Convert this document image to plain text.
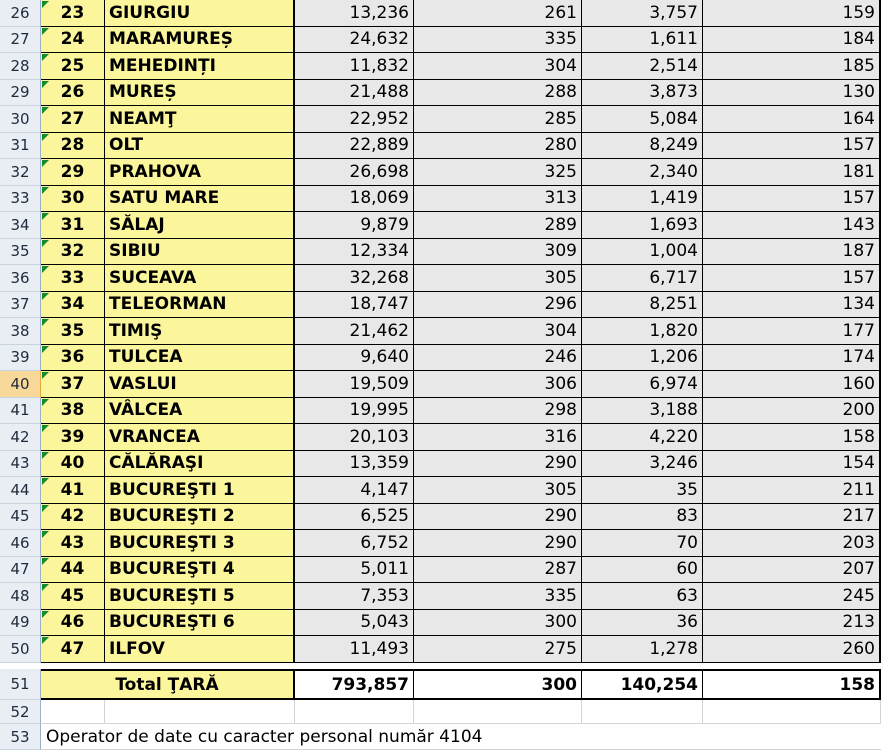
26	23	GIURGIU	13,236	261	3,757	159
27	24	MARAMUREȘ	24,632	335	1,611	184
28	25	MEHEDINȚI	11,832	304	2,514	185
29	26	MUREȘ	21,488	288	3,873	130
30	27	NEAMŢ	22,952	285	5,084	164
31	28	OLT	22,889	280	8,249	157
32	29	PRAHOVA	26,698	325	2,340	181
33	30	SATU MARE	18,069	313	1,419	157
34	31	SĂLAJ	9,879	289	1,693	143
35	32	SIBIU	12,334	309	1,004	187
36	33	SUCEAVA	32,268	305	6,717	157
37	34	TELEORMAN	18,747	296	8,251	134
38	35	TIMIŞ	21,462	304	1,820	177
39	36	TULCEA	9,640	246	1,206	174
40	37	VASLUI	19,509	306	6,974	160
41	38	VÂLCEA	19,995	298	3,188	200
42	39	VRANCEA	20,103	316	4,220	158
43	40	CĂLĂRAŞI	13,359	290	3,246	154
44	41	BUCUREŞTI 1	4,147	305	35	211
45	42	BUCUREŞTI 2	6,525	290	83	217
46	43	BUCUREŞTI 3	6,752	290	70	203
47	44	BUCUREŞTI 4	5,011	287	60	207
48	45	BUCUREŞTI 5	7,353	335	63	245
49	46	BUCUREŞTI 6	5,043	300	36	213
50	47	ILFOV	11,493	275	1,278	260
51	Total ŢARĂ	793,857	300	140,254	158
52
53 Operator de date cu caracter personal număr 4104
